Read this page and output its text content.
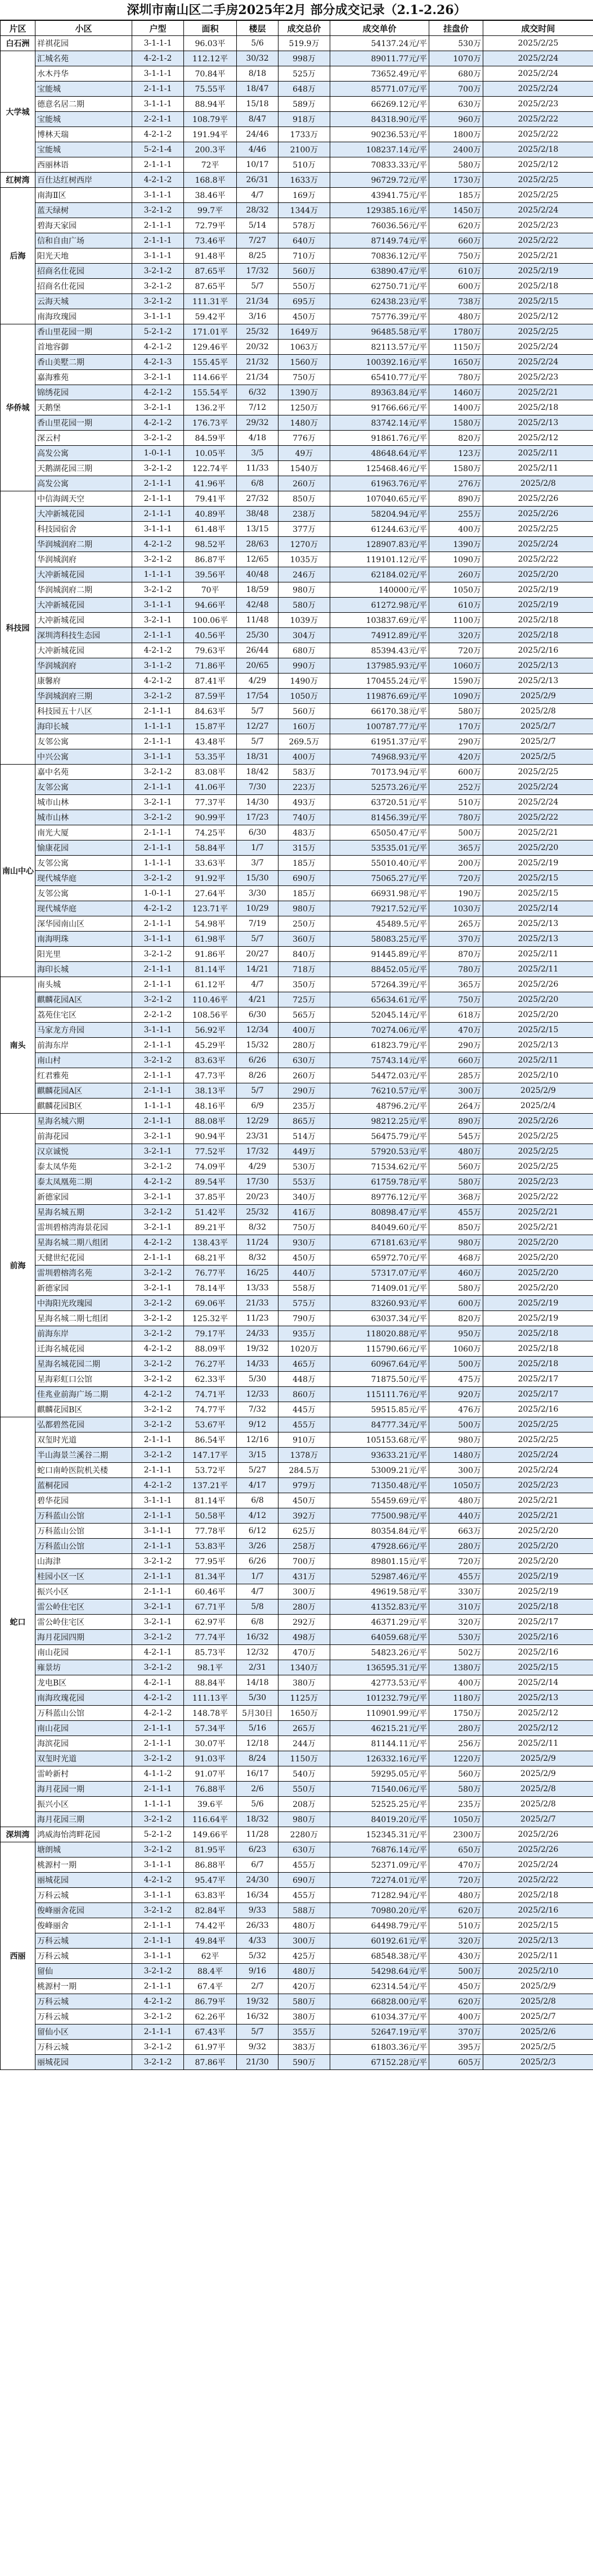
深圳市南山区二手房2025年2月 部分成交记录（2.1-2.26）
片区	小区	户型	面积	楼层	成交总价	成交单价	挂盘价	成交时间
白石洲	祥祺花园	3-1-1-1	96.03平	5/6	519.9万	54137.24元/平	530万	2025/2/25
大学城	汇城名苑	4-2-1-2	112.12平	30/32	998万	89011.77元/平	1070万	2025/2/24
	水木丹华	3-1-1-1	70.84平	8/18	525万	73652.49元/平	680万	2025/2/24
	宝能城	2-1-1-1	75.55平	18/47	648万	85771.07元/平	700万	2025/2/24
	德意名居二期	3-1-1-1	88.94平	15/18	589万	66269.12元/平	630万	2025/2/23
	宝能城	2-2-1-1	108.79平	8/47	918万	84318.90元/平	960万	2025/2/22
	博林天瑞	4-2-1-2	191.94平	24/46	1733万	90236.53元/平	1800万	2025/2/22
	宝能城	5-2-1-4	200.3平	4/46	2100万	108237.14元/平	2400万	2025/2/18
	西丽林语	2-1-1-1	72平	10/17	510万	70833.33元/平	580万	2025/2/12
红树湾	百仕达红树西岸	4-2-1-2	168.8平	26/31	1633万	96729.72元/平	1730万	2025/2/25
后海	南海Ⅱ区	3-1-1-1	38.46平	4/7	169万	43941.75元/平	185万	2025/2/25
	蓝天绿树	3-2-1-2	99.7平	28/32	1344万	129385.16元/平	1450万	2025/2/24
	碧海天家园	2-1-1-1	72.79平	5/14	578万	76036.56元/平	620万	2025/2/23
	信和自由广场	2-1-1-1	73.46平	7/27	640万	87149.74元/平	660万	2025/2/22
	阳光天地	3-1-1-1	91.48平	8/25	710万	70836.12元/平	750万	2025/2/21
	招商名仕花园	3-2-1-2	87.65平	17/32	560万	63890.47元/平	610万	2025/2/19
	招商名仕花园	3-2-1-2	87.65平	5/7	550万	62750.71元/平	600万	2025/2/18
	云海天城	3-2-1-2	111.31平	21/34	695万	62438.23元/平	738万	2025/2/15
	南海玫瑰园	3-1-1-1	59.42平	3/16	450万	75776.39元/平	480万	2025/2/12
华侨城	香山里花园一期	5-2-1-2	171.01平	25/32	1649万	96485.58元/平	1780万	2025/2/25
	首地容御	4-2-1-2	129.46平	20/32	1063万	82113.57元/平	1150万	2025/2/24
	香山美墅二期	4-2-1-3	155.45平	21/32	1560万	100392.16元/平	1650万	2025/2/24
	嘉海雅苑	3-2-1-1	114.66平	21/34	750万	65410.77元/平	780万	2025/2/23
	锦绣花园	4-2-1-2	155.54平	6/32	1390万	89363.84元/平	1460万	2025/2/21
	天鹅堡	3-2-1-1	136.2平	7/12	1250万	91766.66元/平	1400万	2025/2/18
	香山里花园一期	4-2-1-2	176.73平	29/32	1480万	83742.14元/平	1580万	2025/2/13
	深云村	3-2-1-2	84.59平	4/18	776万	91861.76元/平	820万	2025/2/12
	高发公寓	1-0-1-1	10.05平	3/5	49万	48648.64元/平	123万	2025/2/11
	天鹅湖花园三期	3-2-1-2	122.74平	11/33	1540万	125468.46元/平	1580万	2025/2/11
	高发公寓	2-1-1-1	41.96平	6/8	260万	61963.76元/平	276万	2025/2/8
科技园	中信海阔天空	2-1-1-1	79.41平	27/32	850万	107040.65元/平	890万	2025/2/26
	大冲新城花园	2-1-1-1	40.89平	38/48	238万	58204.94元/平	255万	2025/2/26
	科技园宿舍	3-1-1-1	61.48平	13/15	377万	61244.63元/平	400万	2025/2/25
	华润城润府二期	4-2-1-2	98.52平	28/63	1270万	128907.83元/平	1390万	2025/2/24
	华润城润府	3-2-1-2	86.87平	12/65	1035万	119101.12元/平	1090万	2025/2/22
	大冲新城花园	1-1-1-1	39.56平	40/48	246万	62184.02元/平	260万	2025/2/20
	华润城润府二期	3-2-1-2	70平	18/59	980万	140000元/平	1050万	2025/2/19
	大冲新城花园	3-1-1-1	94.66平	42/48	580万	61272.98元/平	610万	2025/2/19
	大冲新城花园	3-2-1-1	100.06平	11/48	1039万	103837.69元/平	1100万	2025/2/18
	深圳湾科技生态园	2-1-1-1	40.56平	25/30	304万	74912.89元/平	320万	2025/2/18
	大冲新城花园	4-2-1-2	79.63平	26/44	680万	85394.43元/平	720万	2025/2/16
	华润城润府	3-1-1-2	71.86平	20/65	990万	137985.93元/平	1060万	2025/2/13
	康馨府	4-2-1-2	87.41平	4/29	1490万	170455.24元/平	1590万	2025/2/13
	华润城润府三期	3-2-1-2	87.59平	17/54	1050万	119876.69元/平	1090万	2025/2/9
	科技园五十八区	2-1-1-1	84.63平	5/7	560万	66170.38元/平	580万	2025/2/8
	海印长城	1-1-1-1	15.87平	12/27	160万	100787.77元/平	170万	2025/2/7
	友邻公寓	2-1-1-1	43.48平	5/7	269.5万	61951.37元/平	290万	2025/2/7
	中兴公寓	3-1-1-1	53.35平	18/31	400万	74968.93元/平	420万	2025/2/5
南山中心	嘉中名苑	3-2-1-2	83.08平	18/42	583万	70173.94元/平	600万	2025/2/25
	友邻公寓	2-1-1-1	41.06平	7/30	223万	52573.26元/平	252万	2025/2/24
	城市山林	3-2-1-1	77.37平	14/30	493万	63720.51元/平	510万	2025/2/24
	城市山林	3-2-1-2	90.99平	17/23	740万	81456.39元/平	780万	2025/2/22
	南光大厦	2-1-1-1	74.25平	6/30	483万	65050.47元/平	500万	2025/2/21
	愉康花园	2-1-1-1	58.84平	1/7	315万	53535.01元/平	365万	2025/2/20
	友邻公寓	1-1-1-1	33.63平	3/7	185万	55010.40元/平	200万	2025/2/19
	现代城华庭	3-2-1-2	91.92平	15/30	690万	75065.27元/平	720万	2025/2/15
	友邻公寓	1-0-1-1	27.64平	3/30	185万	66931.98元/平	190万	2025/2/15
	现代城华庭	4-2-1-2	123.71平	10/29	980万	79217.52元/平	1030万	2025/2/14
	深华园南山区	2-1-1-1	54.98平	7/19	250万	45489.5元/平	265万	2025/2/13
	南海明珠	3-1-1-1	61.98平	5/7	360万	58083.25元/平	370万	2025/2/13
	阳光里	3-2-1-2	91.86平	20/27	840万	91445.89元/平	870万	2025/2/11
	海印长城	2-1-1-1	81.14平	14/21	718万	88452.05元/平	780万	2025/2/11
南头	南头城	2-1-1-1	61.12平	4/7	350万	57264.39元/平	365万	2025/2/26
	麒麟花园A区	3-2-1-2	110.46平	4/21	725万	65634.61元/平	750万	2025/2/20
	荔苑住宅区	2-2-1-2	108.56平	6/30	565万	52045.14元/平	618万	2025/2/20
	马家龙方舟园	3-1-1-1	56.92平	12/34	400万	70274.06元/平	470万	2025/2/15
	前海东岸	2-1-1-1	45.29平	15/32	280万	61823.79元/平	290万	2025/2/13
	南山村	3-2-1-2	83.63平	6/26	630万	75743.14元/平	660万	2025/2/11
	红君雅苑	2-1-1-1	47.73平	8/26	260万	54472.03元/平	285万	2025/2/10
	麒麟花园A区	2-1-1-1	38.13平	5/7	290万	76210.57元/平	300万	2025/2/9
	麒麟花园B区	1-1-1-1	48.16平	6/9	235万	48796.2元/平	264万	2025/2/4
前海	星海名城六期	2-1-1-1	88.08平	12/29	865万	98212.25元/平	890万	2025/2/26
	前海花园	3-2-1-1	90.94平	23/31	514万	56475.79元/平	545万	2025/2/25
	汉京诚悦	3-2-1-1	77.52平	17/32	449万	57920.53元/平	480万	2025/2/25
	泰太凤华苑	3-2-1-2	74.09平	4/29	530万	71534.62元/平	560万	2025/2/25
	泰太凤凰苑二期	4-2-1-2	89.54平	17/30	553万	61759.78元/平	580万	2025/2/23
	新德家园	3-2-1-1	37.85平	20/23	340万	89776.12元/平	368万	2025/2/22
	星海名城五期	3-2-1-2	51.42平	25/32	416万	80898.47元/平	455万	2025/2/21
	雷圳碧榕湾海景花园	3-2-1-1	89.21平	8/32	750万	84049.60元/平	850万	2025/2/21
	星海名城二期八组团	4-2-1-2	138.43平	11/24	930万	67181.63元/平	980万	2025/2/20
	天健世纪花园	2-1-1-1	68.21平	8/32	450万	65972.70元/平	468万	2025/2/20
	雷圳碧榕湾名苑	3-2-1-2	76.77平	16/25	440万	57317.07元/平	460万	2025/2/20
	新德家园	3-2-1-1	78.14平	13/33	558万	71409.01元/平	580万	2025/2/20
	中海阳光玫瑰园	3-2-1-2	69.06平	21/33	575万	83260.93元/平	600万	2025/2/19
	星海名城二期七组团	3-2-1-2	125.32平	11/23	790万	63037.34元/平	820万	2025/2/19
	前海东岸	3-2-1-2	79.17平	24/33	935万	118020.88元/平	950万	2025/2/18
	迁海名城花园	4-2-1-2	88.09平	19/32	1020万	115790.66元/平	1060万	2025/2/18
	星海名城花园二期	3-2-1-2	76.27平	14/33	465万	60967.64元/平	500万	2025/2/18
	星海彩虹口公馆	3-2-1-2	62.33平	5/30	448万	71875.50元/平	475万	2025/2/17
	佳兆业前海广场二期	4-2-1-2	74.71平	12/33	860万	115111.76元/平	920万	2025/2/17
	麒麟花园B区	3-2-1-2	74.77平	7/32	445万	59515.85元/平	476万	2025/2/16
蛇口	弘都碧然花园	3-2-1-2	53.67平	9/12	455万	84777.34元/平	500万	2025/2/25
	双玺时光道	2-1-1-1	86.54平	12/16	910万	105153.68元/平	980万	2025/2/25
	半山海景兰溪谷二期	3-2-1-2	147.17平	3/15	1378万	93633.21元/平	1480万	2025/2/24
	蛇口南岭医院机关楼	2-1-1-1	53.72平	5/27	284.5万	53009.21元/平	300万	2025/2/24
	蓝桐花园	4-2-1-2	137.21平	4/17	979万	71350.48元/平	1050万	2025/2/23
	碧华花园	3-1-1-1	81.14平	6/8	450万	55459.69元/平	480万	2025/2/21
	万科蓝山公馆	2-1-1-1	50.58平	4/12	392万	77500.98元/平	440万	2025/2/21
	万科蓝山公馆	3-1-1-1	77.78平	6/12	625万	80354.84元/平	663万	2025/2/20
	万科蓝山公馆	2-1-1-1	53.83平	3/26	258万	47928.66元/平	280万	2025/2/20
	山海津	3-2-1-2	77.95平	6/26	700万	89801.15元/平	720万	2025/2/20
	桂园小区一区	2-1-1-1	81.34平	1/7	431万	52987.46元/平	455万	2025/2/19
	振兴小区	2-1-1-1	60.46平	4/7	300万	49619.58元/平	330万	2025/2/19
	雷公岭住宅区	3-2-1-1	67.71平	5/8	280万	41352.83元/平	310万	2025/2/18
	雷公岭住宅区	3-2-1-1	62.97平	6/8	292万	46371.29元/平	320万	2025/2/17
	海月花园四期	3-2-1-2	77.74平	16/32	498万	64059.68元/平	530万	2025/2/16
	南山花园	4-2-1-1	85.73平	12/32	470万	54823.26元/平	502万	2025/2/16
	雍景坊	3-2-1-2	98.1平	2/31	1340万	136595.31元/平	1380万	2025/2/15
	龙电B区	4-2-1-1	88.84平	14/18	380万	42773.53元/平	400万	2025/2/14
	南海玫瑰花园	4-2-1-2	111.13平	5/30	1125万	101232.79元/平	1180万	2025/2/13
	万科蓝山公馆	4-2-1-2	148.78平	5月30日	1650万	110901.99元/平	1750万	2025/2/12
	南山花园	2-1-1-1	57.34平	5/16	265万	46215.21元/平	280万	2025/2/12
	海滨花园	2-1-1-1	30.07平	12/18	244万	81144.11元/平	256万	2025/2/11
	双玺时光道	3-2-1-2	91.03平	8/24	1150万	126332.16元/平	1220万	2025/2/9
	雷岭新村	4-1-1-2	91.07平	16/17	540万	59295.05元/平	560万	2025/2/9
	海月花园一期	2-1-1-1	76.88平	2/6	550万	71540.06元/平	580万	2025/2/8
	振兴小区	1-1-1-1	39.6平	5/6	208万	52525.25元/平	235万	2025/2/8
	海月花园三期	3-2-1-2	116.64平	18/32	980万	84019.20元/平	1050万	2025/2/7
深圳湾	鸿威海怡湾畔花园	5-2-1-2	149.66平	11/28	2280万	152345.31元/平	2300万	2025/2/26
西丽	塘朗城	3-2-1-2	81.95平	6/23	630万	76876.14元/平	650万	2025/2/26
	桃源村一期	3-1-1-1	86.88平	6/7	455万	52371.09元/平	470万	2025/2/24
	丽城花园	4-2-1-2	95.47平	24/30	690万	72274.01元/平	720万	2025/2/22
	万科云城	3-1-1-1	63.83平	16/34	455万	71282.94元/平	480万	2025/2/18
	俊峰丽舍花园	3-2-1-2	82.84平	9/33	588万	70980.20元/平	620万	2025/2/16
	俊峰丽舍	2-1-1-1	74.42平	26/33	480万	64498.79元/平	510万	2025/2/15
	万科云城	2-1-1-1	49.84平	4/33	300万	60192.61元/平	320万	2025/2/13
	万科云城	3-1-1-1	62平	5/32	425万	68548.38元/平	430万	2025/2/11
	留仙	3-2-1-2	88.4平	9/16	480万	54298.64元/平	500万	2025/2/10
	桃源村一期	2-1-1-1	67.4平	2/7	420万	62314.54元/平	450万	2025/2/9
	万科云城	4-2-1-2	86.79平	19/32	580万	66828.00元/平	620万	2025/2/8
	万科云城	3-2-1-2	62.26平	16/32	380万	61034.37元/平	400万	2025/2/7
	留仙小区	2-1-1-1	67.43平	5/7	355万	52647.19元/平	370万	2025/2/6
	万科云城	3-2-1-2	61.97平	9/32	383万	61803.36元/平	395万	2025/2/5
	丽城花园	3-2-1-2	87.86平	21/30	590万	67152.28元/平	605万	2025/2/3
